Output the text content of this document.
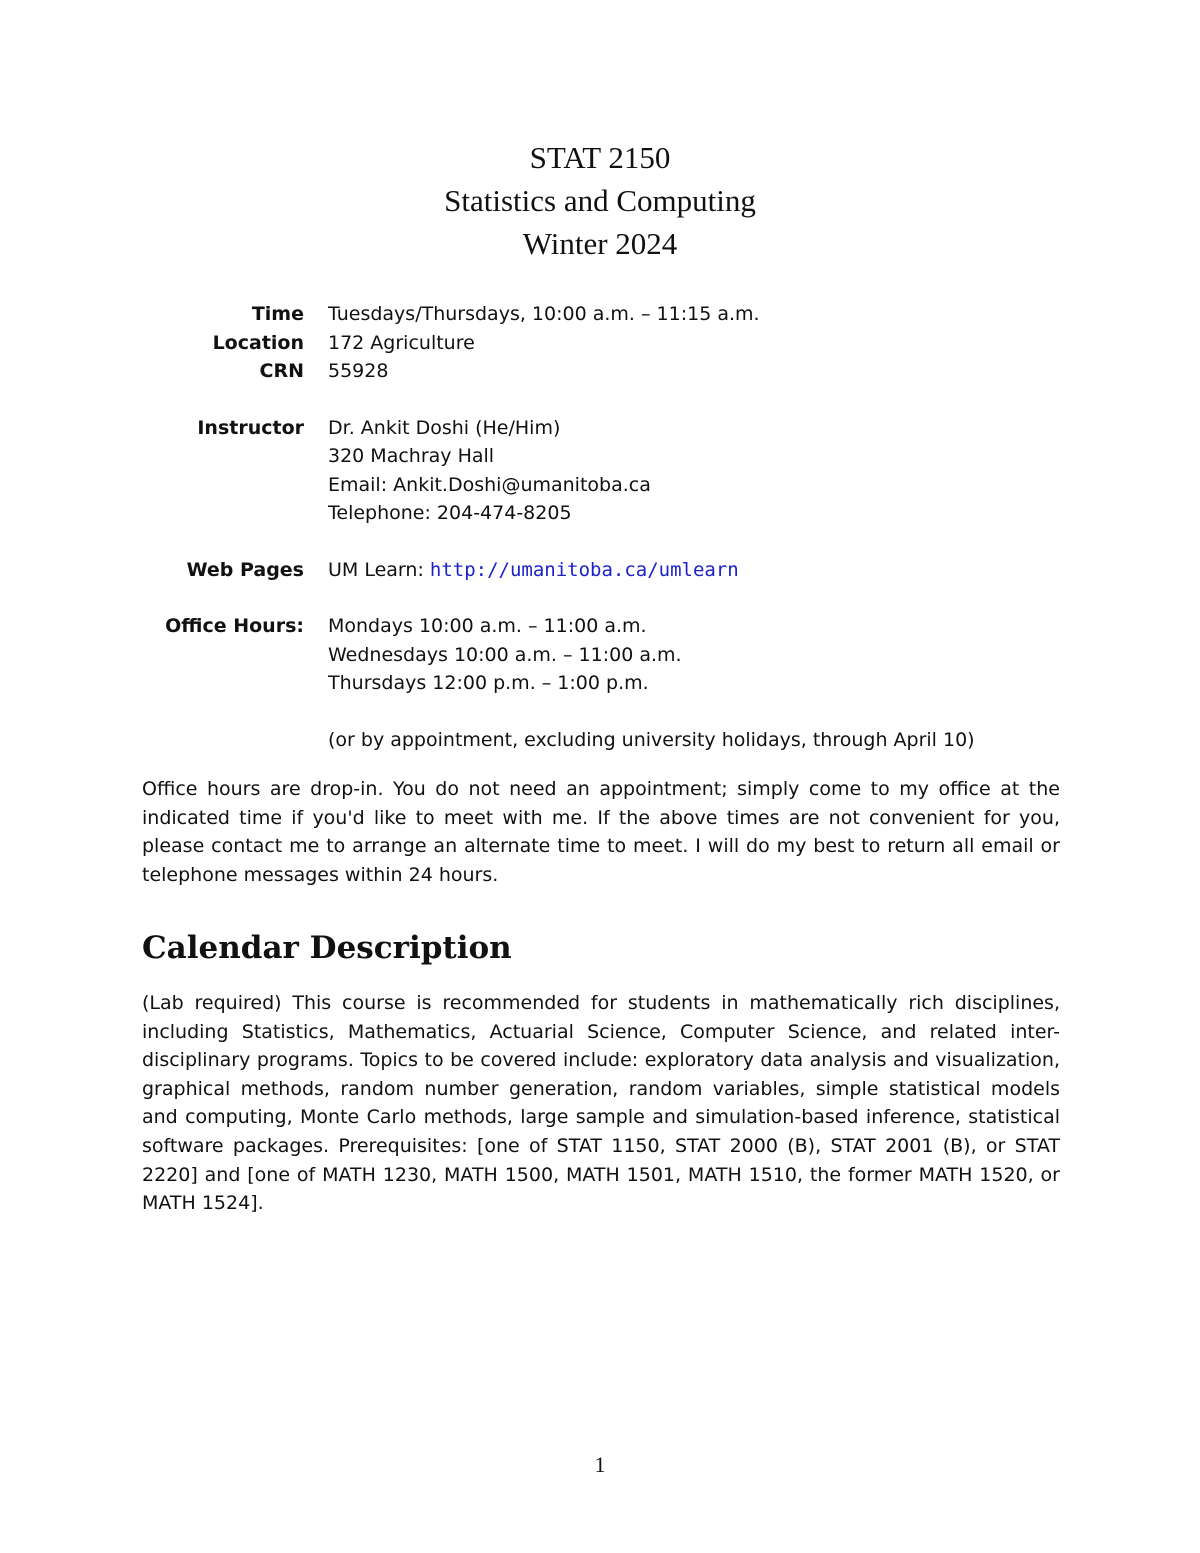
STAT 2150
Statistics and Computing
Winter 2024
Time Tuesdays/Thursdays, 10:00 a.m. – 11:15 a.m.
Location 172 Agriculture
CRN 55928
Instructor Dr. Ankit Doshi (He/Him)
320 Machray Hall
Email: Ankit.Doshi@umanitoba.ca
Telephone: 204-474-8205
Web Pages UM Learn: http://umanitoba.ca/umlearn
Office Hours: Mondays 10:00 a.m. – 11:00 a.m.
Wednesdays 10:00 a.m. – 11:00 a.m.
Thursdays 12:00 p.m. – 1:00 p.m.
(or by appointment, excluding university holidays, through April 10)
Office hours are drop-in. You do not need an appointment; simply come to my office at the indicated time if you'd like to meet with me. If the above times are not convenient for you, please contact me to arrange an alternate time to meet. I will do my best to return all email or telephone messages within 24 hours.
Calendar Description
(Lab required) This course is recommended for students in mathematically rich disciplines, including Statistics, Mathematics, Actuarial Science, Computer Science, and related inter-disciplinary programs. Topics to be covered include: exploratory data analysis and visualization, graphical methods, random number generation, random variables, simple statistical models and computing, Monte Carlo methods, large sample and simulation-based inference, statistical software packages. Prerequisites: [one of STAT 1150, STAT 2000 (B), STAT 2001 (B), or STAT 2220] and [one of MATH 1230, MATH 1500, MATH 1501, MATH 1510, the former MATH 1520, or MATH 1524].
1
